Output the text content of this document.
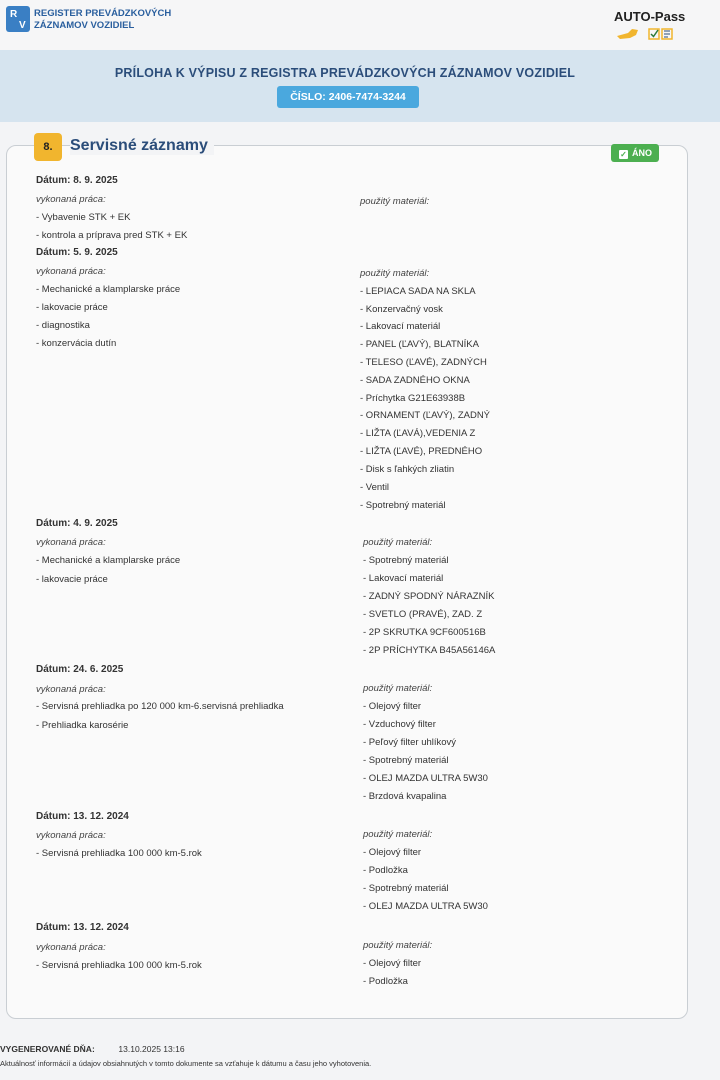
R
V
REGISTER PREVÁDZKOVÝCH
ZÁZNAMOV VOZIDIEL
AUTO-Pass
PRÍLOHA K VÝPISU Z REGISTRA PREVÁDZKOVÝCH ZÁZNAMOV VOZIDIEL
ČÍSLO: 2406-7474-3244
8.	Servisné záznamy
✓ ÁNO
Dátum: 8. 9. 2025
vykonaná práca:
- Vybavenie STK + EK
- kontrola a príprava pred STK + EK
použitý materiál:
Dátum: 5. 9. 2025
vykonaná práca:
- Mechanické a klamplarske práce
- lakovacie práce
- diagnostika
- konzervácia dutín
použitý materiál:
- LEPIACA SADA NA SKLA
- Konzervačný vosk
- Lakovací materiál
- PANEL (ĽAVÝ), BLATNÍKA
- TELESO (ĽAVÉ), ZADNÝCH
- SADA ZADNÉHO OKNA
- Príchytka G21E63938B
- ORNAMENT (ĽAVÝ), ZADNÝ
- LIŽTA (ĽAVÁ),VEDENIA Z
- LIŽTA (ĽAVÉ), PREDNÉHO
- Disk s ľahkých zliatin
- Ventil
- Spotrebný materiál
Dátum: 4. 9. 2025
vykonaná práca:
- Mechanické a klamplarske práce
- lakovacie práce
použitý materiál:
- Spotrebný materiál
- Lakovací materiál
- ZADNÝ SPODNÝ NÁRAZNÍK
- SVETLO (PRAVÉ), ZAD. Z
- 2P SKRUTKA 9CF600516B
- 2P PRÍCHYTKA B45A56146A
Dátum: 24. 6. 2025
vykonaná práca:
- Servisná prehliadka po 120 000 km-6.servisná prehliadka
- Prehliadka karosérie
použitý materiál:
- Olejový filter
- Vzduchový filter
- Peľový filter uhlíkový
- Spotrebný materiál
- OLEJ MAZDA ULTRA 5W30
- Brzdová kvapalina
Dátum: 13. 12. 2024
vykonaná práca:
- Servisná prehliadka 100 000 km-5.rok
použitý materiál:
- Olejový filter
- Podložka
- Spotrebný materiál
- OLEJ MAZDA ULTRA 5W30
Dátum: 13. 12. 2024
vykonaná práca:
- Servisná prehliadka 100 000 km-5.rok
použitý materiál:
- Olejový filter
- Podložka
VYGENEROVANÉ DŇA:	13.10.2025 13:16
Aktuálnosť informácií a údajov obsiahnutých v tomto dokumente sa vzťahuje k dátumu a času jeho vyhotovenia.
